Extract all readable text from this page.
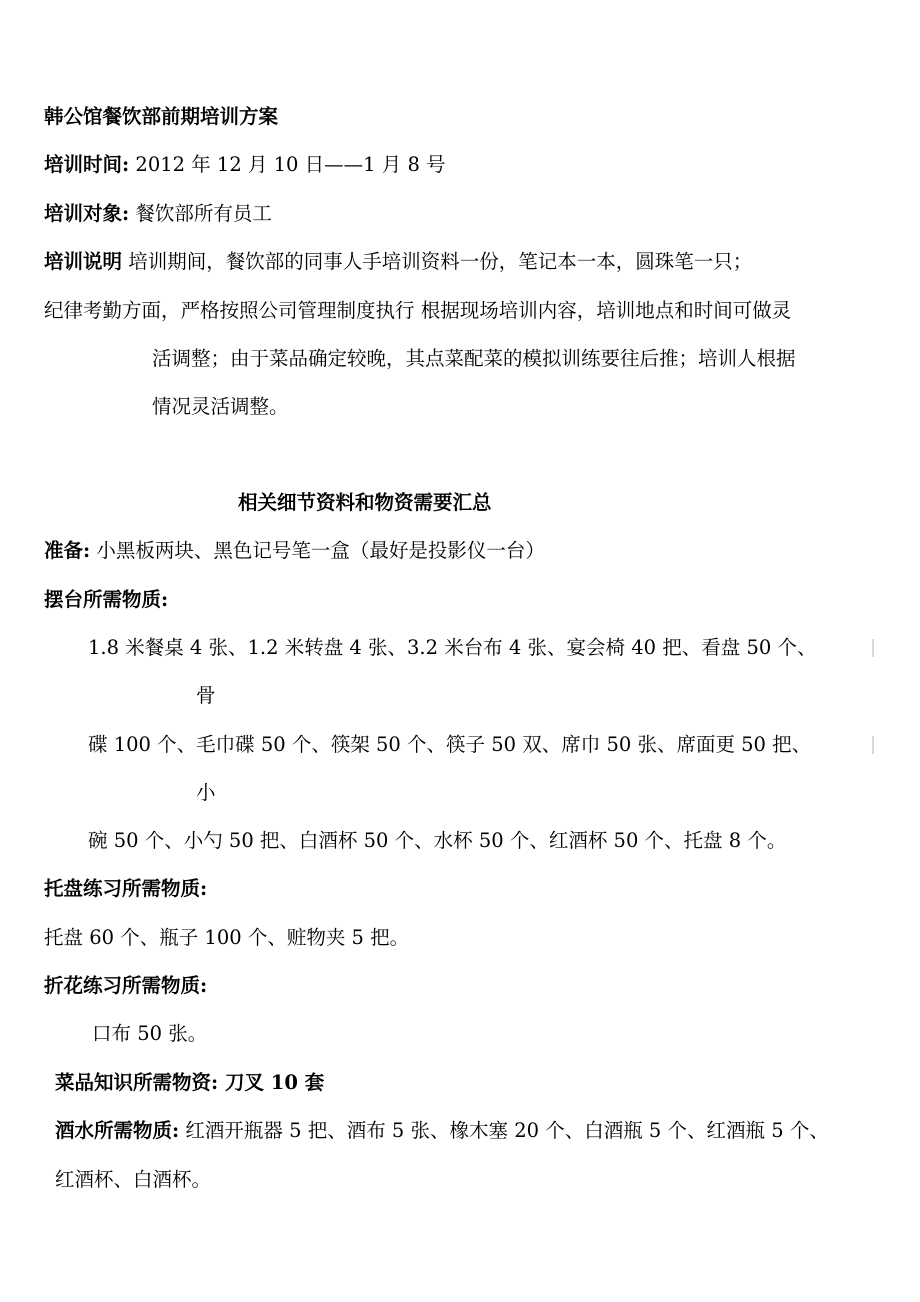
韩公馆餐饮部前期培训方案
培训时间: 2012 年 12 月 10 日——1 月 8 号
培训对象: 餐饮部所有员工
培训说明 培训期间，餐饮部的同事人手培训资料一份，笔记本一本，圆珠笔一只；
纪律考勤方面，严格按照公司管理制度执行 根据现场培训内容，培训地点和时间可做灵
活调整；由于菜品确定较晚，其点菜配菜的模拟训练要往后推；培训人根据
情况灵活调整。
相关细节资料和物资需要汇总
准备: 小黑板两块、黑色记号笔一盒（最好是投影仪一台）
摆台所需物质:
1.8 米餐桌 4 张、1.2 米转盘 4 张、3.2 米台布 4 张、宴会椅 40 把、看盘 50 个、
骨
碟 100 个、毛巾碟 50 个、筷架 50 个、筷子 50 双、席巾 50 张、席面更 50 把、
小
碗 50 个、小勺 50 把、白酒杯 50 个、水杯 50 个、红酒杯 50 个、托盘 8 个。
托盘练习所需物质:
托盘 60 个、瓶子 100 个、赃物夹 5 把。
折花练习所需物质:
口布 50 张。
菜品知识所需物资: 刀叉 10 套
酒水所需物质: 红酒开瓶器 5 把、酒布 5 张、橡木塞 20 个、白酒瓶 5 个、红酒瓶 5 个、
红酒杯、白酒杯。
